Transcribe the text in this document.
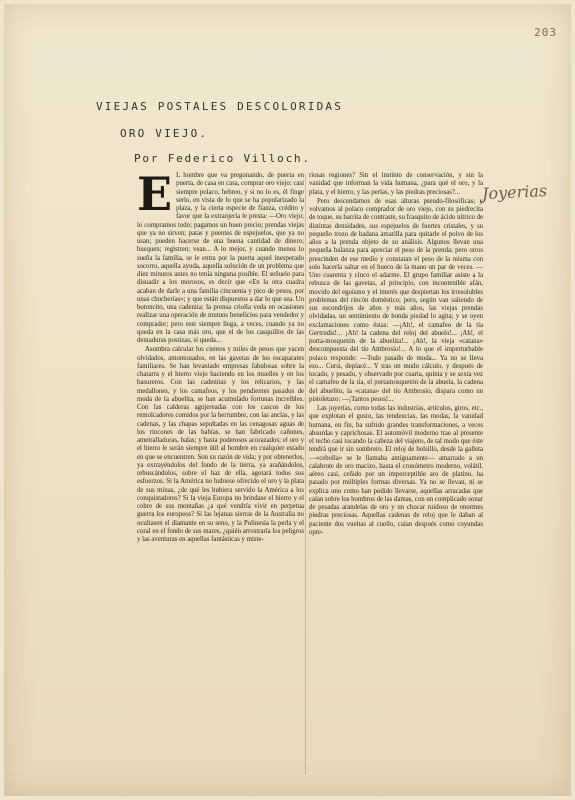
203
Joyerias
VIEJAS POSTALES DESCOLORIDAS
ORO VIEJO.

Por Federico Villoch.

E L hombre que va pregonando, de puerta en puerta, de casa en casa, comprar oro viejo: casi siempre polaco, hebreo, y si no lo es, él finge serlo, en vista de lo que se ha popularizado la plaza, y la cierta especie de fianza, crédito y favor que la extranjería le presta: —Oro viejo; lo compramos todo; pagamos un buen precio; prendas viejas que ya no sirven; patas y puentes de espejuelos, que ya no usan; pueden hacerse de una buena cantidad de dinero; busquen; registren; vean... A lo mejor, y cuando menos lo sueña la familia, se le entra por la puerta aquel inesperado socorro, aquella ayuda, aquella solución de un problema que diez minutos antes no tenía ninguna posible. El señuelo para disuadir a los morosos, es decir que «En la otra cuadra acaban de darle a una familia cincuenta y pico de pesos, por unas chucherías»; y que están dispuestos a dar lo que sea. Un botoncito, una cadenita: la prensa criolla veda en ocasiones realizar una operación de mutuos beneficios para vendedor y comprador; pero este siempre llega, a veces, cuando ya no queda en la casa más oro, que el de los casquillos de las dentaduras postizas, si queda...

Asombra calcular los cientos y miles de pesos que yacen olvidados, amontonados, en las gavetas de los escaparates familiares. Se han levantado empresas fabulosas sobre la chatarra y el hierro viejo haciendo en los muelles y en los basureros. Con las cadenitas y los relicarios, y las medallones, y los camafeos, y los pendientes pasados de moda de la abuelita, se han acumulado fortunas increíbles. Con las calderas agujereadas con los cascos de los remolcadores comidos por la herrumbre, con las anclas, y las cadenas, y las chapas sepultadas en las cenagosas aguas de los rincones de las bahías, se han fabricado cañones, ametralladoras, balas; y hasta poderosos acorazados; el oro y el hierro le serán siempre útil al hombre en cualquier estado en que se encuentren. Son su razón de vida; y por obtenerlos, ya extrayéndolos del fondo de la tierra, ya arañándolos, rebuscándolos, sobre el haz de ella, agotará todos sus esfuerzos. Si la América no hubiese ofrecido el oro y la plata de sus minas, ¿de qué les hubiera servido la América a los conquistadores? Si la vieja Europa no brindase el hierro y el cobre de sus montañas ¿a qué vendría vivir en perpetua guerra los europeos? Si las lejanas sierras de la Australia no ocultasen el diamante en su seno, y la Polinesia la perla y el coral en el fondo de sus mares, ¿quién arrostraría los peligros y las aventuras en aquellas fantásticas y miste-

riosas regiones? Sin el instinto de conservación, y sin la vanidad que informan la vida humana, ¿para qué el oro, y la plata, y el hierro, y las perlas, y las piedras preciosas?...

Pero descendamos de esas alturas pseudo-filosóficas; y volvamos al polaco comprador de oro viejo, con su piedrecita de toque, su barrita de contraste, su frasquito de ácido nítrico de distintas densidades, sus espejuelos de fuertes cristales, y su pequeño trozo de badana amarilla para quitarle el polvo de los años a la prenda objeto de su análisis. Algunos llevan una pequeña balanza para apreciar el peso de la prenda; pero otros prescinden de ese medio y constatan el peso de la misma con solo hacerla saltar en el hueco de la mano un par de veces. —Uno cuarenta y cinco el adarme. El grupo familiar asiste a la rebusca de las gavetas, al principio, con incontenible afán, movido del egoísmo y el interés que despiertan los irresolubles problemas del rincón doméstico; pero, según van saliendo de sus escondrijos de años y más años, las viejas prendas olvidadas, un sentimiento de honda piedad lo agita; y se oyen exclamaciones como éstas: —¡Ah!, el camafeo de la tía Gertrudis!... ¡Ah! la cadena del reloj del abuelo!... ¡Ah!, el porta-mosquetón de la abuelita!... ¡Ah!, la vieja «catana» descompuesta del tío Ambrosio!... A lo que el imperturbable polaco responde: —Todo pasado de moda... Ya no se lleva eso... Cursi, deplacé... Y tras un mudo cálculo, y después de tocado, y pesado, y observado por cuarta, quinta y se sexta vez el camafeo de la tía, el portamosquetón de la abuela, la cadena del abuelito, la «catana» del tío Ambrosio, dispara como un pistoletazo: —¡Tantos pesos!...

Las joyerías, como todas las industrias, artículos, giros, etc., que explotan el gusto, las tendencias, las modas, la vanidad humana, en fin, ha sufrido grandes transformaciones, a veces absurdas y caprichosas. El automóvil moderno trae al presente el techo casi tocando la cabeza del viajero, de tal modo que éste tendrá que ir sin sombrero. El reloj de bolsillo, desde la galleta —«cebolla» se le llamaba antiguamente— amarrado a un calabrote de oro macizo, hasta el cronómetro moderno, volátil, aéreo casi, ceñido por un imperceptible aro de platino, ha pasado por múltiples formas diversas. Ya no se llevan, ni se explica uno como han podido llevarse, aquellas arracadas que caían sobre los hombros de las damas, con un complicado sonar de pesadas arandelas de oro y un chocar ruidoso de enormes piedras preciosas. Aquellas cadenas de reloj que le daban al paciente dos vueltas al cuello, caían después como coyundas opre-
